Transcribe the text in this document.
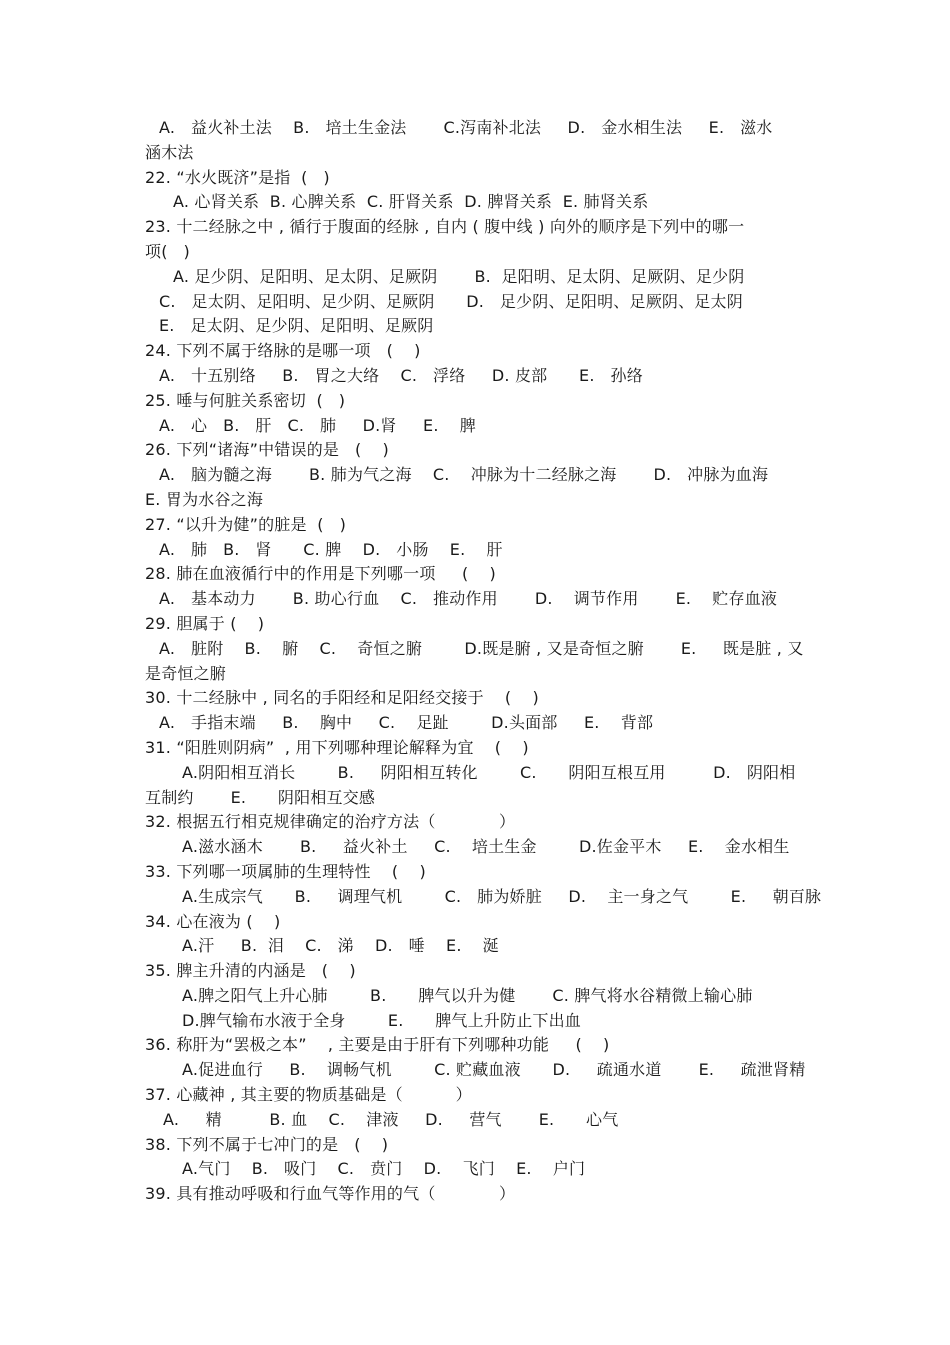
A.   益火补土法    B.   培土生金法       C.泻南补北法     D.   金水相生法     E.   滋水
涵木法
22. “水火既济”是指  (   )
A. 心肾关系  B. 心脾关系  C. 肝肾关系  D. 脾肾关系  E. 肺肾关系
23. 十二经脉之中 , 循行于腹面的经脉 , 自内 ( 腹中线 ) 向外的顺序是下列中的哪一
项(   )
A. 足少阴、足阳明、足太阴、足厥阴       B.  足阳明、足太阴、足厥阴、足少阴
C.   足太阴、足阳明、足少阴、足厥阴      D.   足少阴、足阳明、足厥阴、足太阴
E.   足太阴、足少阴、足阳明、足厥阴
24. 下列不属于络脉的是哪一项   (    )
A.   十五别络     B.   胃之大络    C.   浮络     D. 皮部      E.   孙络
25. 唾与何脏关系密切  (   )
A.   心   B.   肝   C.   肺     D.肾     E.    脾
26. 下列“诸海”中错误的是   (    )
A.   脑为髓之海       B. 肺为气之海    C.    冲脉为十二经脉之海       D.   冲脉为血海
E. 胃为水谷之海
27. “以升为健”的脏是  (   )
A.   肺   B.   肾      C. 脾    D.   小肠    E.    肝
28. 肺在血液循行中的作用是下列哪一项     (    )
A.   基本动力       B. 助心行血    C.   推动作用       D.    调节作用       E.    贮存血液
29. 胆属于 (    )
A.   脏附    B.    腑    C.    奇恒之腑        D.既是腑 , 又是奇恒之腑       E.     既是脏 , 又
是奇恒之腑
30. 十二经脉中 , 同名的手阳经和足阳经交接于    (    )
A.   手指末端     B.    胸中     C.    足趾        D.头面部     E.    背部
31. “阳胜则阴病”  , 用下列哪种理论解释为宜    (    )
A.阴阳相互消长        B.     阴阳相互转化        C.      阴阳互根互用         D.   阴阳相
互制约       E.      阴阳相互交感
32. 根据五行相克规律确定的治疗方法（            ）
A.滋水涵木       B.     益火补土     C.    培土生金        D.佐金平木     E.    金水相生
33. 下列哪一项属肺的生理特性    (    )
A.生成宗气      B.     调理气机        C.   肺为娇脏     D.    主一身之气        E.     朝百脉
34. 心在液为 (    )
A.汗     B.  泪    C.   涕    D.   唾    E.    涎
35. 脾主升清的内涵是   (    )
A.脾之阳气上升心肺        B.      脾气以升为健       C. 脾气将水谷精微上输心肺
D.脾气输布水液于全身        E.      脾气上升防止下出血
36. 称肝为“罢极之本”    , 主要是由于肝有下列哪种功能     (    )
A.促进血行     B.    调畅气机        C. 贮藏血液      D.     疏通水道       E.     疏泄肾精
37. 心藏神 , 其主要的物质基础是（          ）
A.     精         B. 血    C.    津液     D.     营气       E.      心气
38. 下列不属于七冲门的是   (    )
A.气门    B.   吸门    C.   贲门    D.    飞门    E.    户门
39. 具有推动呼吸和行血气等作用的气（            ）
